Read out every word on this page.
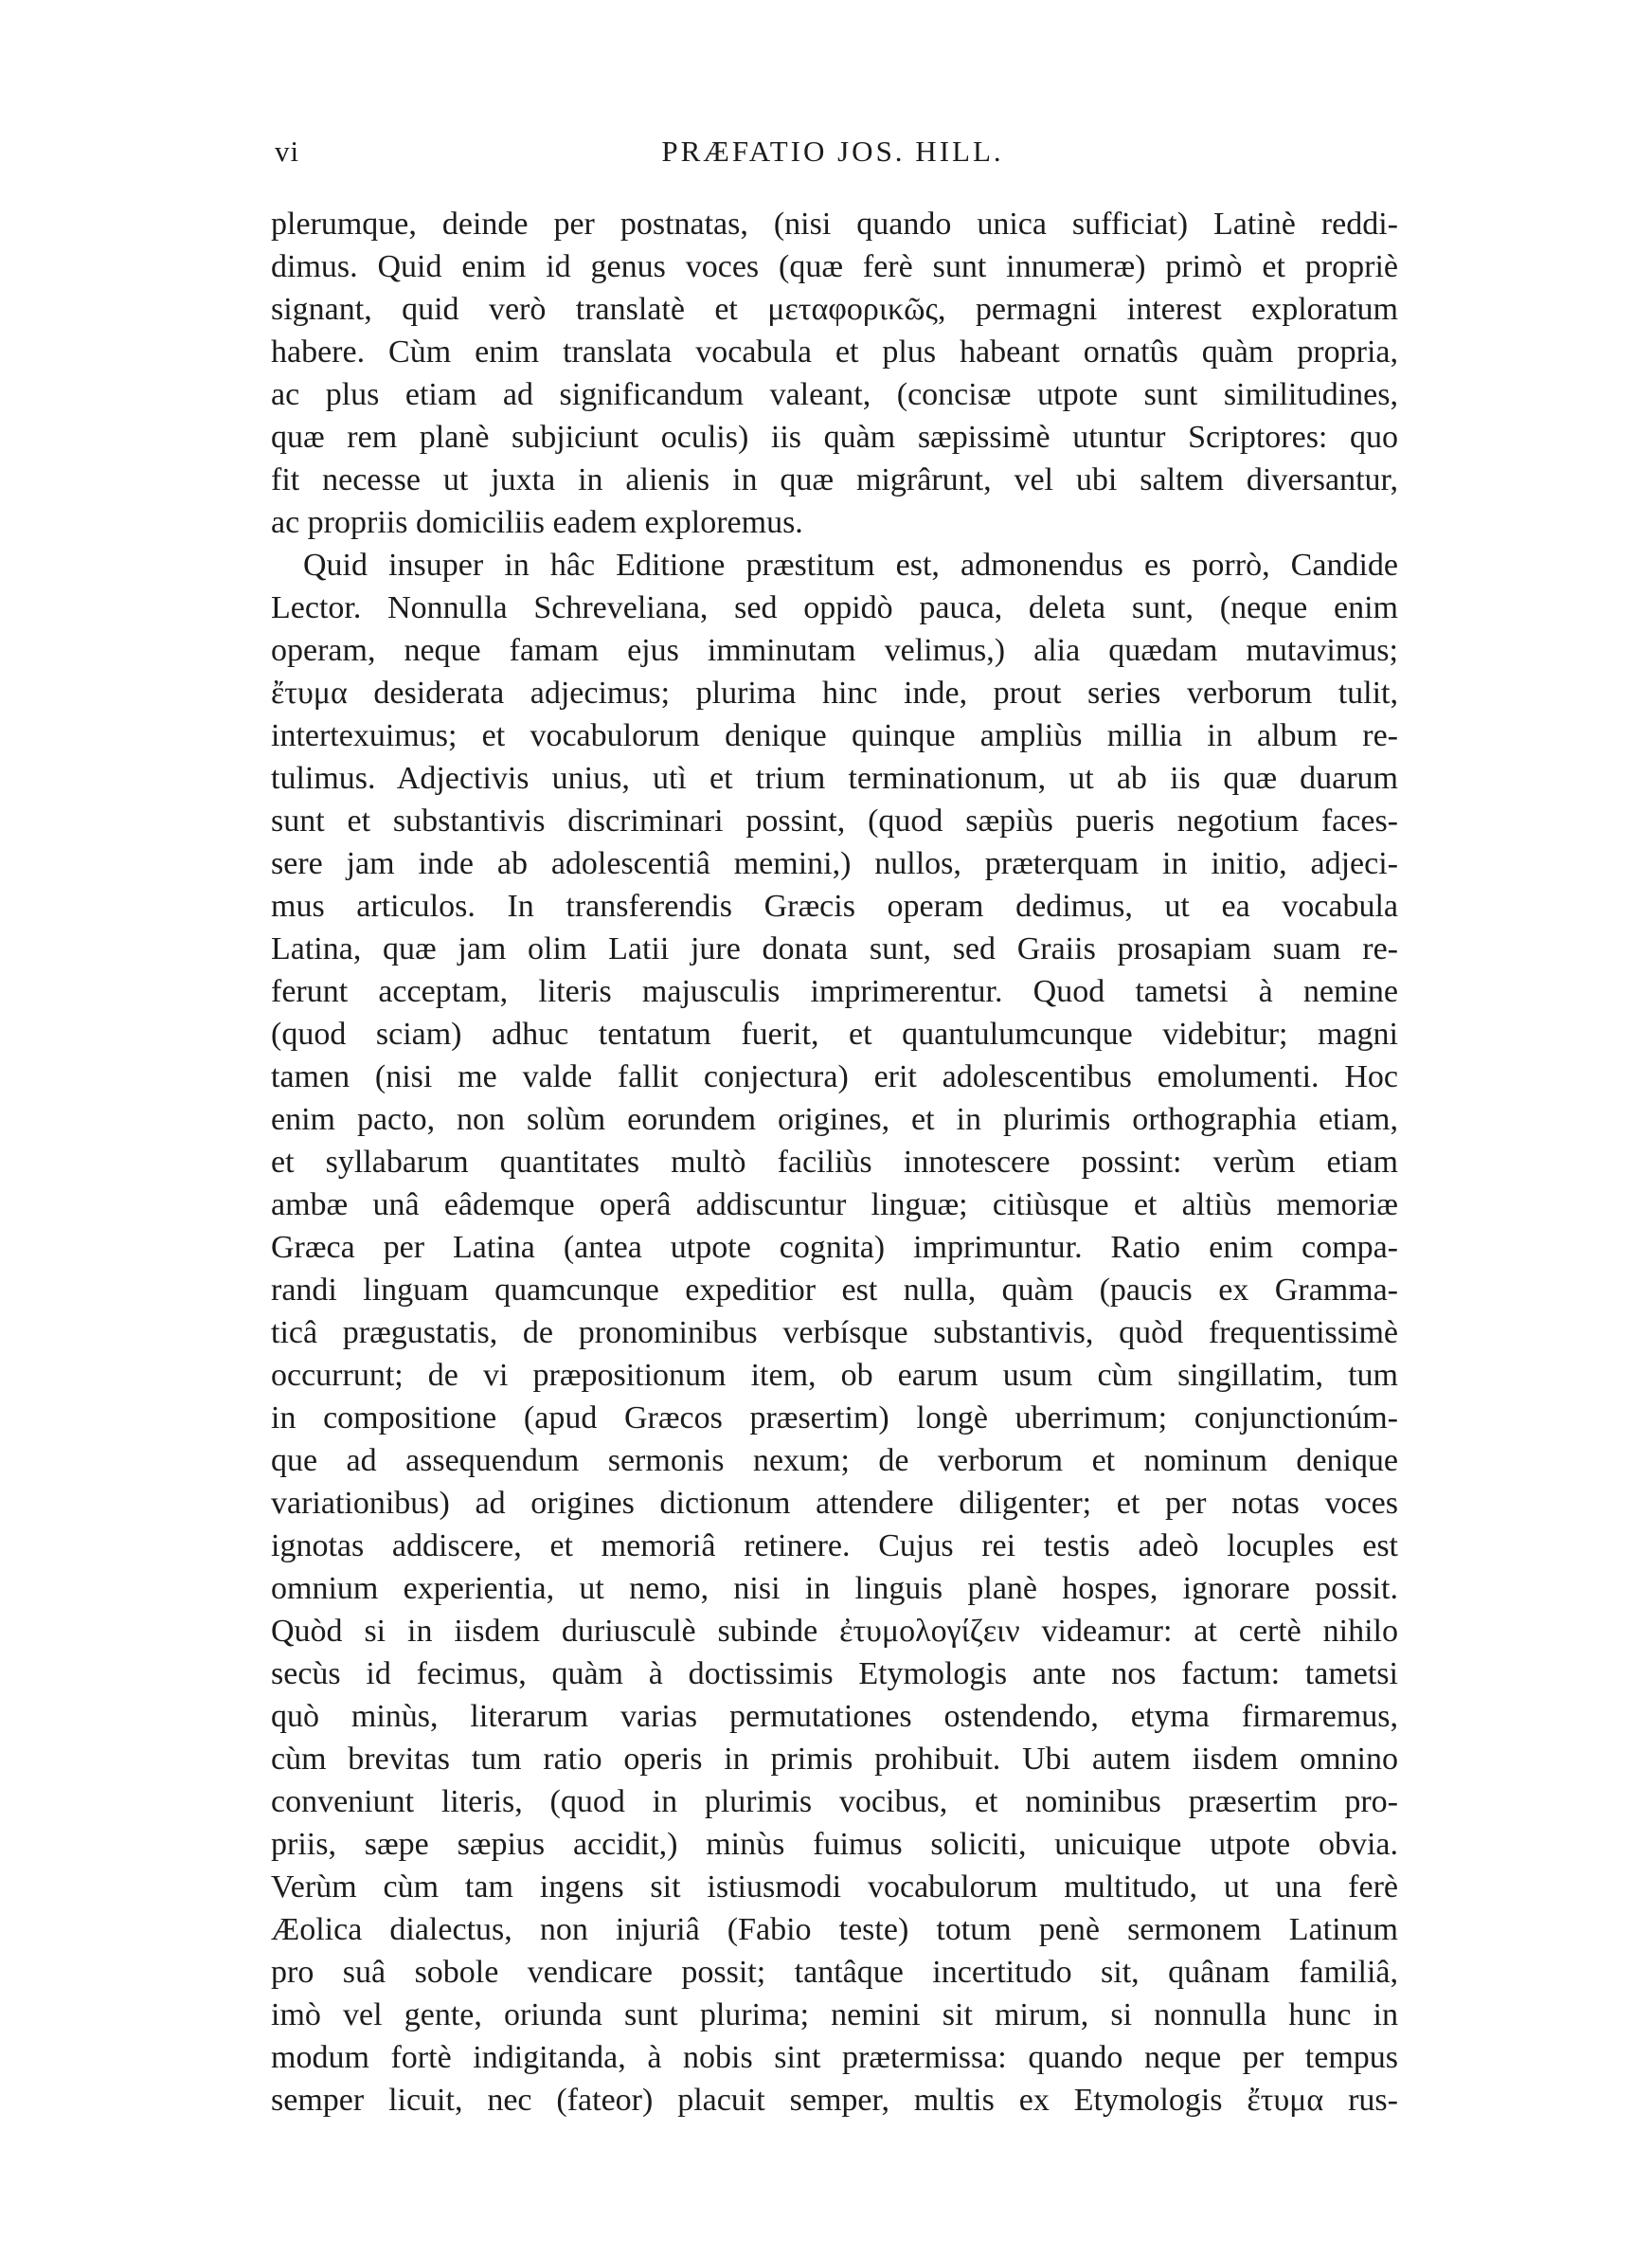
vi	PRÆFATIO JOS. HILL.
plerumque, deinde per postnatas, (nisi quando unica sufficiat) Latinè reddi-
dimus. Quid enim id genus voces (quæ ferè sunt innumeræ) primò et propriè
signant, quid verò translatè et μεταφορικῶς, permagni interest exploratum
habere. Cùm enim translata vocabula et plus habeant ornatûs quàm propria,
ac plus etiam ad significandum valeant, (concisæ utpote sunt similitudines,
quæ rem planè subjiciunt oculis) iis quàm sæpissimè utuntur Scriptores: quo
fit necesse ut juxta in alienis in quæ migrârunt, vel ubi saltem diversantur,
ac propriis domiciliis eadem exploremus.
Quid insuper in hâc Editione præstitum est, admonendus es porrò, Candide
Lector. Nonnulla Schreveliana, sed oppidò pauca, deleta sunt, (neque enim
operam, neque famam ejus imminutam velimus,) alia quædam mutavimus;
ἔτυμα desiderata adjecimus; plurima hinc inde, prout series verborum tulit,
intertexuimus; et vocabulorum denique quinque ampliùs millia in album re-
tulimus. Adjectivis unius, utì et trium terminationum, ut ab iis quæ duarum
sunt et substantivis discriminari possint, (quod sæpiùs pueris negotium faces-
sere jam inde ab adolescentiâ memini,) nullos, præterquam in initio, adjeci-
mus articulos. In transferendis Græcis operam dedimus, ut ea vocabula
Latina, quæ jam olim Latii jure donata sunt, sed Graiis prosapiam suam re-
ferunt acceptam, literis majusculis imprimerentur. Quod tametsi à nemine
(quod sciam) adhuc tentatum fuerit, et quantulumcunque videbitur; magni
tamen (nisi me valde fallit conjectura) erit adolescentibus emolumenti. Hoc
enim pacto, non solùm eorundem origines, et in plurimis orthographia etiam,
et syllabarum quantitates multò faciliùs innotescere possint: verùm etiam
ambæ unâ eâdemque operâ addiscuntur linguæ; citiùsque et altiùs memoriæ
Græca per Latina (antea utpote cognita) imprimuntur. Ratio enim compa-
randi linguam quamcunque expeditior est nulla, quàm (paucis ex Gramma-
ticâ prægustatis, de pronominibus verbísque substantivis, quòd frequentissimè
occurrunt; de vi præpositionum item, ob earum usum cùm singillatim, tum
in compositione (apud Græcos præsertim) longè uberrimum; conjunctionúm-
que ad assequendum sermonis nexum; de verborum et nominum denique
variationibus) ad origines dictionum attendere diligenter; et per notas voces
ignotas addiscere, et memoriâ retinere. Cujus rei testis adeò locuples est
omnium experientia, ut nemo, nisi in linguis planè hospes, ignorare possit.
Quòd si in iisdem duriusculè subinde ἐτυμολογίζειν videamur: at certè nihilo
secùs id fecimus, quàm à doctissimis Etymologis ante nos factum: tametsi
quò minùs, literarum varias permutationes ostendendo, etyma firmaremus,
cùm brevitas tum ratio operis in primis prohibuit. Ubi autem iisdem omnino
conveniunt literis, (quod in plurimis vocibus, et nominibus præsertim pro-
priis, sæpe sæpius accidit,) minùs fuimus soliciti, unicuique utpote obvia.
Verùm cùm tam ingens sit istiusmodi vocabulorum multitudo, ut una ferè
Æolica dialectus, non injuriâ (Fabio teste) totum penè sermonem Latinum
pro suâ sobole vendicare possit; tantâque incertitudo sit, quânam familiâ,
imò vel gente, oriunda sunt plurima; nemini sit mirum, si nonnulla hunc in
modum fortè indigitanda, à nobis sint prætermissa: quando neque per tempus
semper licuit, nec (fateor) placuit semper, multis ex Etymologis ἔτυμα rus-
